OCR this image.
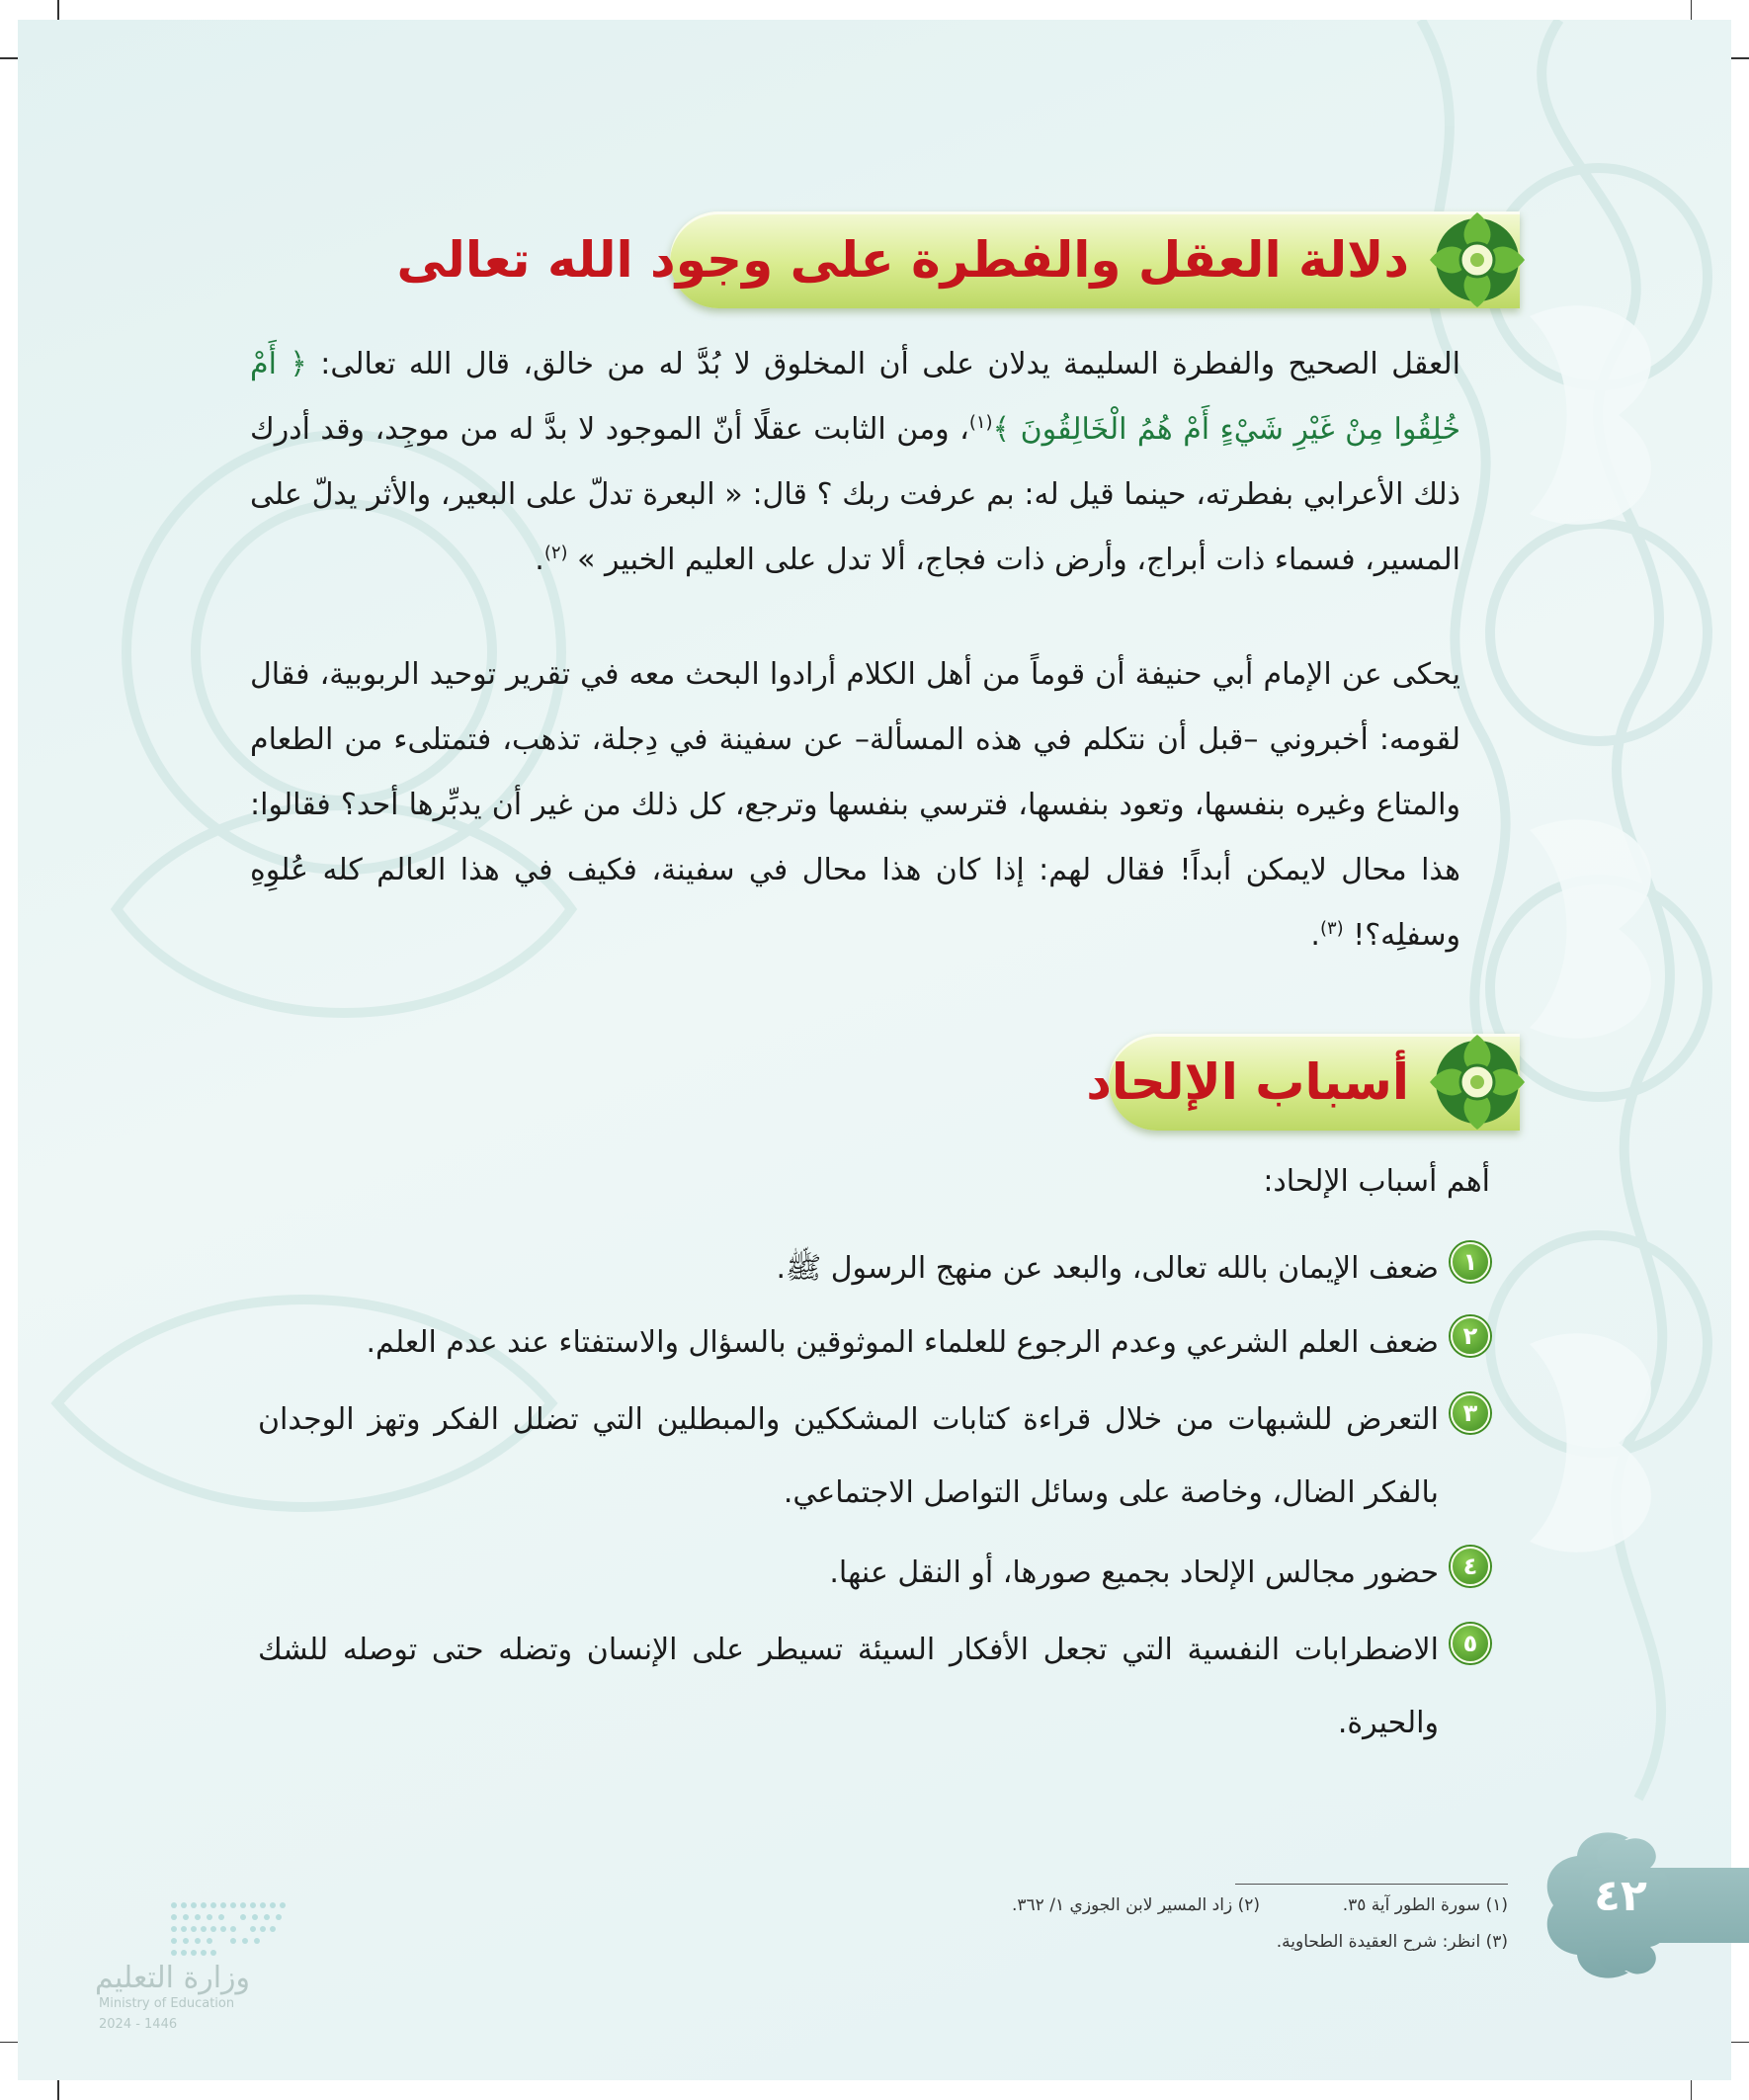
دلالة العقل والفطرة على وجود الله تعالى
العقل الصحيح والفطرة السليمة يدلان على أن المخلوق لا بُدَّ له من خالق، قال الله تعالى: ﴿ أَمْ خُلِقُوا مِنْ غَيْرِ شَيْءٍ أَمْ هُمُ الْخَالِقُونَ ﴾$^{(١)}$، ومن الثابت عقلًا أنّ الموجود لا بدَّ له من موجِد، وقد أدرك ذلك الأعرابي بفطرته، حينما قيل له: بم عرفت ربك ؟ قال: « البعرة تدلّ على البعير، والأثر يدلّ على المسير، فسماء ذات أبراج، وأرض ذات فجاج، ألا تدل على العليم الخبير » $^{(٢)}$.
يحكى عن الإمام أبي حنيفة أن قوماً من أهل الكلام أرادوا البحث معه في تقرير توحيد الربوبية، فقال لقومه: أخبروني –قبل أن نتكلم في هذه المسألة– عن سفينة في دِجلة، تذهب، فتمتلىء من الطعام والمتاع وغيره بنفسها، وتعود بنفسها، فترسي بنفسها وترجع، كل ذلك من غير أن يدبِّرها أحد؟ فقالوا: هذا محال لايمكن أبداً! فقال لهم: إذا كان هذا محال في سفينة، فكيف في هذا العالم كله عُلوِهِ وسفلِه؟! $^{(٣)}$.
أسباب الإلحاد
أهم أسباب الإلحاد:
١
ضعف الإيمان بالله تعالى، والبعد عن منهج الرسول ﷺ.
٢
ضعف العلم الشرعي وعدم الرجوع للعلماء الموثوقين بالسؤال والاستفتاء عند عدم العلم.
٣
التعرض للشبهات من خلال قراءة كتابات المشككين والمبطلين التي تضلل الفكر وتهز الوجدان بالفكر الضال، وخاصة على وسائل التواصل الاجتماعي.
٤
حضور مجالس الإلحاد بجميع صورها، أو النقل عنها.
٥
الاضطرابات النفسية التي تجعل الأفكار السيئة تسيطر على الإنسان وتضله حتى توصله للشك والحيرة.
(١) سورة الطور آية ٣٥.
(٢) زاد المسير لابن الجوزي ١/ ٣٦٢.
(٣) انظر: شرح العقيدة الطحاوية.
٤٢
وزارة التعليم
Ministry of Education
2024 - 1446
